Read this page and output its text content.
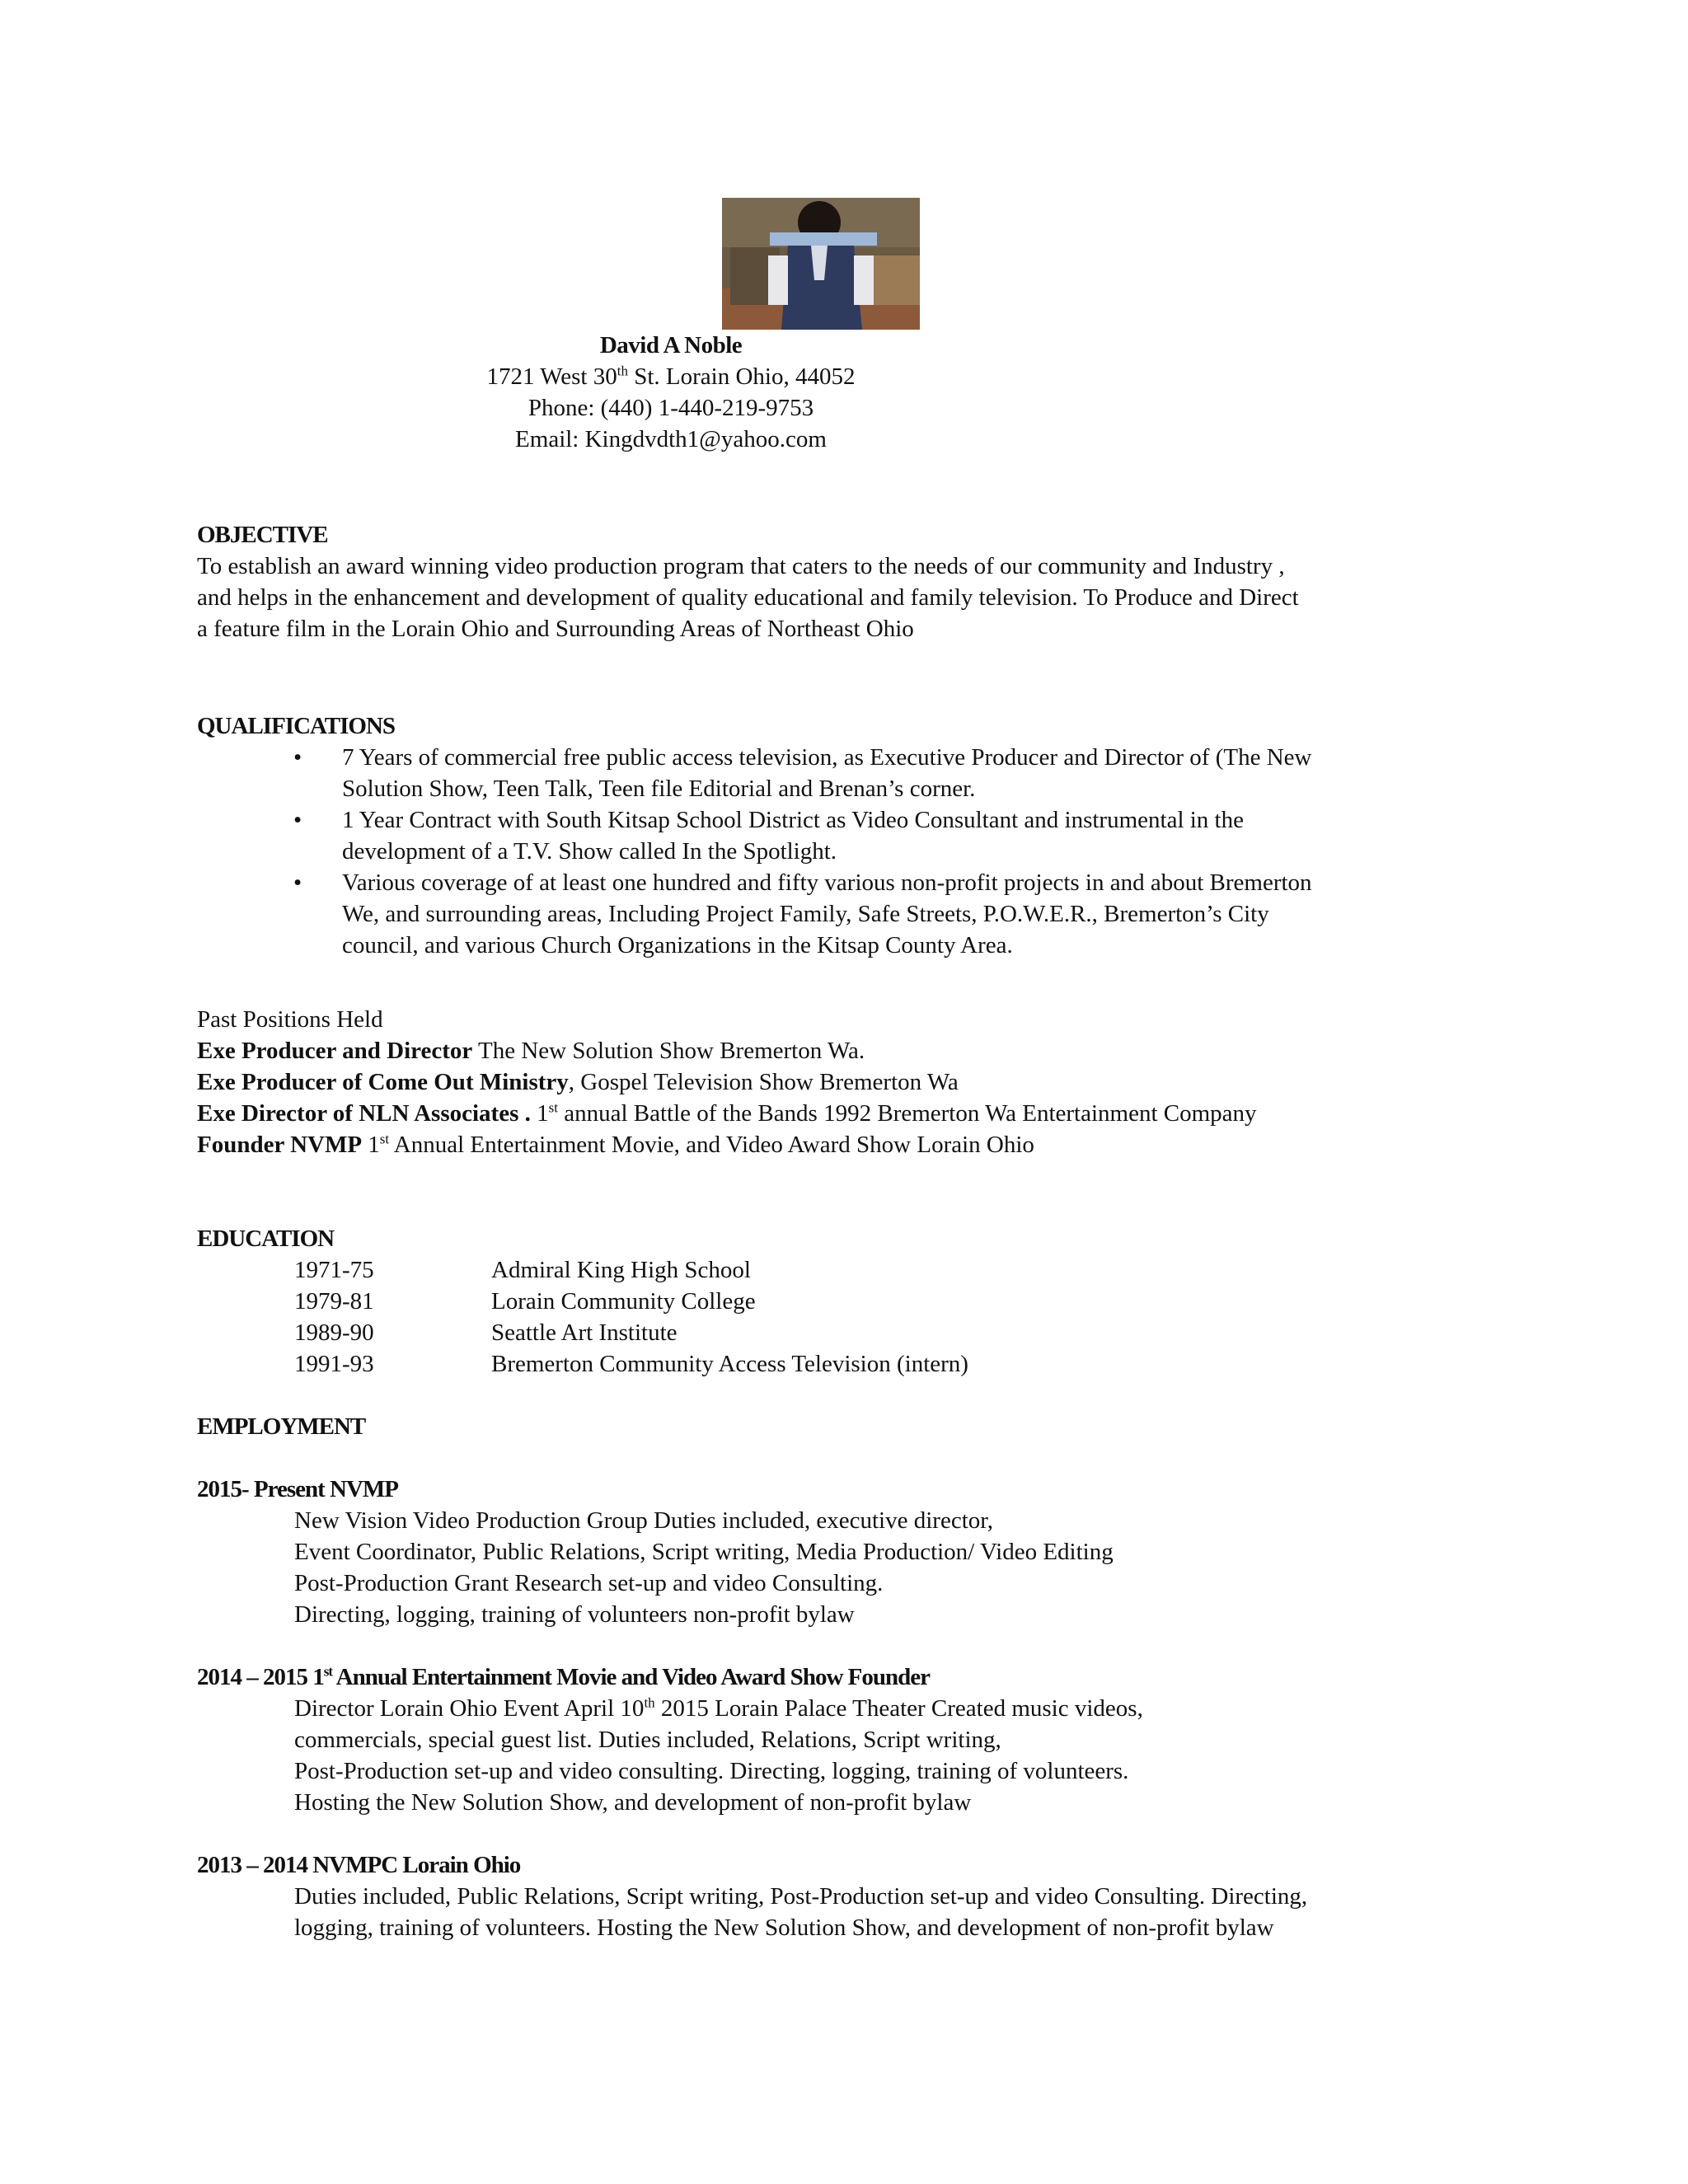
David A Noble
1721 West 30th St. Lorain Ohio, 44052
Phone: (440) 1-440-219-9753
Email: Kingdvdth1@yahoo.com
OBJECTIVE
To establish an award winning video production program that caters to the needs of our community and Industry ,
and helps in the enhancement and development of quality educational and family television. To Produce and Direct
a feature film in the Lorain Ohio and Surrounding Areas of Northeast Ohio
QUALIFICATIONS
• 7 Years of commercial free public access television, as Executive Producer and Director of (The New
Solution Show, Teen Talk, Teen file Editorial and Brenan’s corner.
• 1 Year Contract with South Kitsap School District as Video Consultant and instrumental in the
development of a T.V. Show called In the Spotlight.
• Various coverage of at least one hundred and fifty various non-profit projects in and about Bremerton
We, and surrounding areas, Including Project Family, Safe Streets, P.O.W.E.R., Bremerton’s City
council, and various Church Organizations in the Kitsap County Area.
Past Positions Held
Exe Producer and Director The New Solution Show Bremerton Wa.
Exe Producer of Come Out Ministry, Gospel Television Show Bremerton Wa
Exe Director of NLN Associates . 1st annual Battle of the Bands 1992 Bremerton Wa Entertainment Company
Founder NVMP 1st Annual Entertainment Movie, and Video Award Show Lorain Ohio
EDUCATION
1971-75	Admiral King High School
1979-81	Lorain Community College
1989-90	Seattle Art Institute
1991-93	Bremerton Community Access Television (intern)
EMPLOYMENT
2015- Present NVMP
New Vision Video Production Group Duties included, executive director,
Event Coordinator, Public Relations, Script writing, Media Production/ Video Editing
Post-Production Grant Research set-up and video Consulting.
Directing, logging, training of volunteers non-profit bylaw
2014 – 2015 1st Annual Entertainment Movie and Video Award Show Founder
Director Lorain Ohio Event April 10th 2015 Lorain Palace Theater Created music videos,
commercials, special guest list. Duties included, Relations, Script writing,
Post-Production set-up and video consulting. Directing, logging, training of volunteers.
Hosting the New Solution Show, and development of non-profit bylaw
2013 – 2014 NVMPC Lorain Ohio
Duties included, Public Relations, Script writing, Post-Production set-up and video Consulting. Directing,
logging, training of volunteers. Hosting the New Solution Show, and development of non-profit bylaw
